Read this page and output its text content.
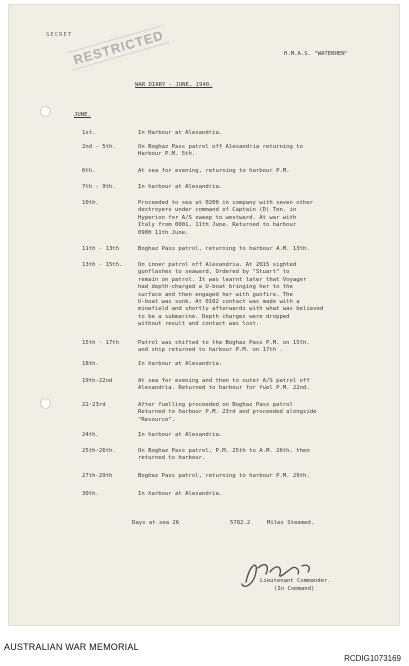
SECRET RESTRICTED	H.M.A.S. "WATERHEN"
WAR DIARY - JUNE, 1940.
JUNE.
1st.	In Harbour at Alexandria.
2nd - 5th.	On Boghaz Pass patrol off Alexandria returning to
Harbour P.M. 5th.
6th.	At sea for evening, returning to harbour P.M.
7th - 9th.	In harbour at Alexandria.
10th.	Proceeded to sea at 0200 in company with seven other
destroyers under command of Captain (D) Ten. in
Hyperion for A/S sweep to westward. At war with
Italy from 0001, 11th June. Returned to harbour
0900 11th June.
11th - 13th	Boghaz Pass patrol, returning to harbour A.M. 13th.
13th - 15th.	On inner patrol off Alexandria. At 2015 sighted
gunflashes to seaward. Ordered by "Stuart" to
remain on patrol. It was learnt later that Voyager
had depth-charged a U-boat bringing her to the
surface and then engaged her with gunfire. The
U-boat was sunk. At 0102 contact was made with a
minefield and shortly afterwards with what was believed
to be a submarine. Depth charges were dropped
without result and contact was lost.
15th - 17th	Patrol was shifted to the Boghaz Pass P.M. on 15th.
and ship returned to harbour P.M. on 17th .
18th.	In harbour at Alexandria.
19th-22nd	At sea for evening and then to outer A/S patrol off
Alexandria. Returned to harbour for fuel P.M. 22nd.
22-23rd	After fuelling proceeded on Boghaz Pass patrol
Returned to harbour P.M. 23rd and proceeded alongside
"Resource".
24th.	In harbour at Alexandria.
25th-26th.	On Boghaz Pass patrol, P.M. 25th to A.M. 26th, then
returned to harbour.
27th-29th	Boghaz Pass patrol, returning to harbour P.M. 29th.
30th.	In harbour at Alexandria.
Days at sea 26	5782.2	Miles Steamed.
Lieutenant Commander.
(In Command)
AUSTRALIAN WAR MEMORIAL
RCDIG1073169
